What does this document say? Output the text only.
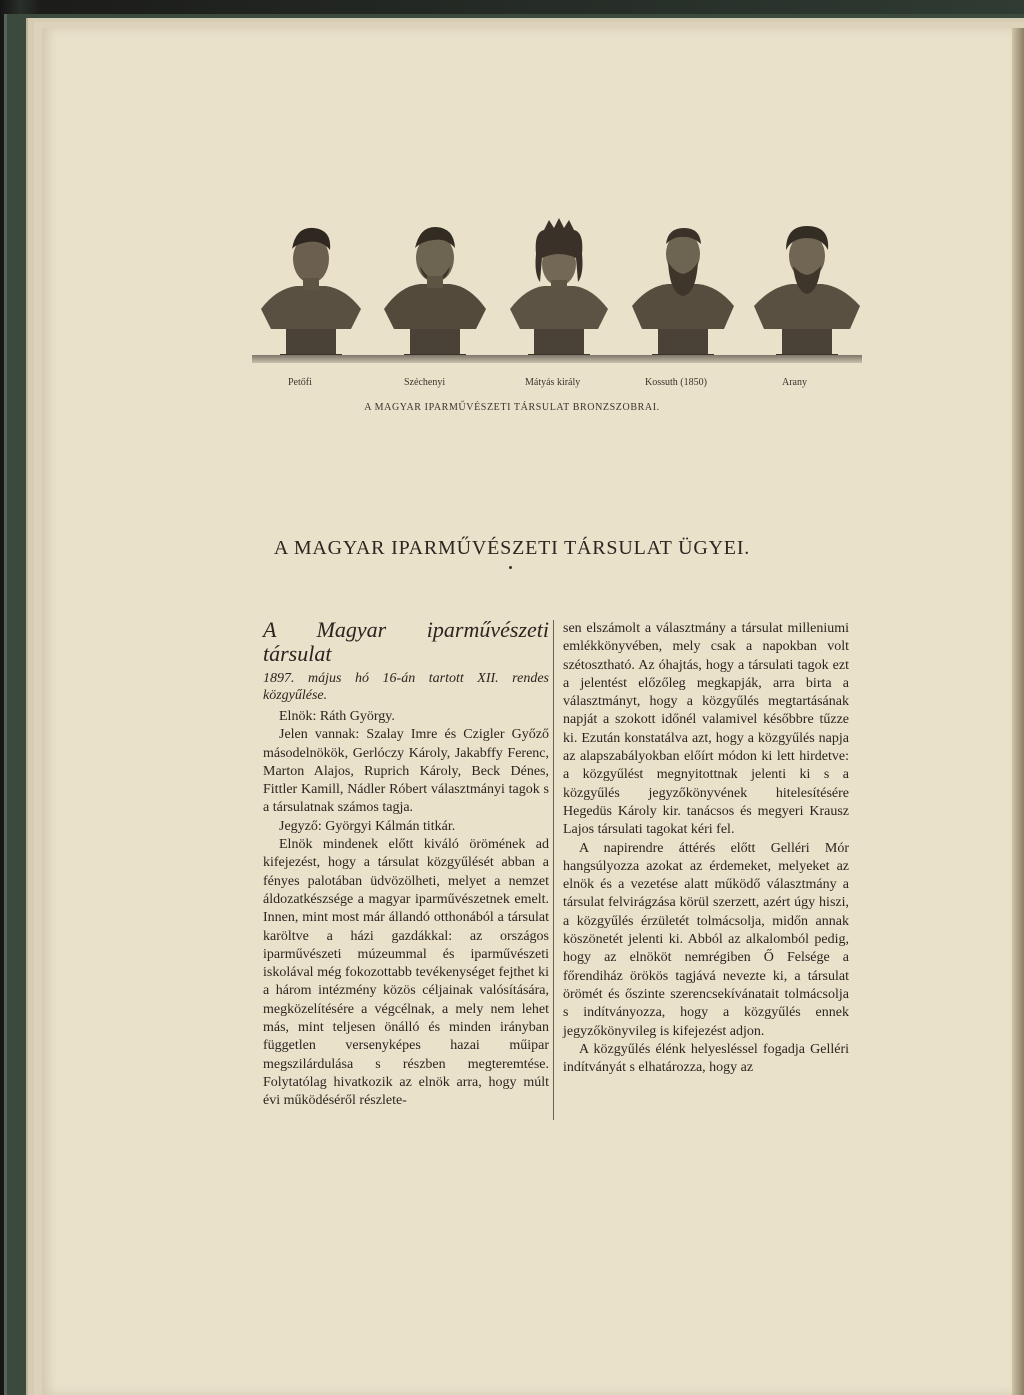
Petőfi	Széchenyi	Mátyás király	Kossuth (1850)	Arany
A MAGYAR IPARMŰVÉSZETI TÁRSULAT BRONZSZOBRAI.
A MAGYAR IPARMŰVÉSZETI TÁRSULAT ÜGYEI.
A Magyar iparművészeti társulat
1897. május hó 16-án tartott XII. rendes közgyűlése.

Elnök: Ráth György.

Jelen vannak: Szalay Imre és Czigler Győző másodelnökök, Gerlóczy Károly, Jakabffy Ferenc, Marton Alajos, Ruprich Károly, Beck Dénes, Fittler Kamill, Nádler Róbert választmányi tagok s a társulatnak számos tagja.

Jegyző: Györgyi Kálmán titkár.

Elnök mindenek előtt kiváló örömének ad kifejezést, hogy a társulat közgyűlését abban a fényes palotában üdvözölheti, melyet a nemzet áldozatkészsége a magyar iparművészetnek emelt. Innen, mint most már állandó otthonából a társulat karöltve a házi gazdákkal: az országos iparművészeti múzeummal és iparművészeti iskolával még fokozottabb tevékenységet fejthet ki a három intézmény közös céljainak valósítására, megközelítésére a végcélnak, a mely nem lehet más, mint teljesen önálló és minden irányban független versenyképes hazai műipar megszilárdulása s részben megteremtése. Folytatólag hivatkozik az elnök arra, hogy múlt évi működéséről részlete-

sen elszámolt a választmány a társulat milleniumi emlékkönyvében, mely csak a napokban volt szétosztható. Az óhajtás, hogy a társulati tagok ezt a jelentést előzőleg megkapják, arra birta a választmányt, hogy a közgyűlés megtartásának napját a szokott időnél valamivel későbbre tűzze ki. Ezután konstatálva azt, hogy a közgyűlés napja az alapszabályokban előírt módon ki lett hirdetve: a közgyűlést megnyitottnak jelenti ki s a közgyűlés jegyzőkönyvének hitelesítésére Hegedüs Károly kir. tanácsos és megyeri Krausz Lajos társulati tagokat kéri fel.

A napirendre áttérés előtt Gelléri Mór hangsúlyozza azokat az érdemeket, melyeket az elnök és a vezetése alatt működő választmány a társulat felvirágzása körül szerzett, azért úgy hiszi, a közgyűlés érzületét tolmácsolja, midőn annak köszönetét jelenti ki. Abból az alkalomból pedig, hogy az elnököt nemrégiben Ő Felsége a főrendiház örökös tagjává nevezte ki, a társulat örömét és őszinte szerencsekívánatait tolmácsolja s indítványozza, hogy a közgyűlés ennek jegyzőkönyvileg is kifejezést adjon.

A közgyűlés élénk helyesléssel fogadja Gelléri indítványát s elhatározza, hogy az
